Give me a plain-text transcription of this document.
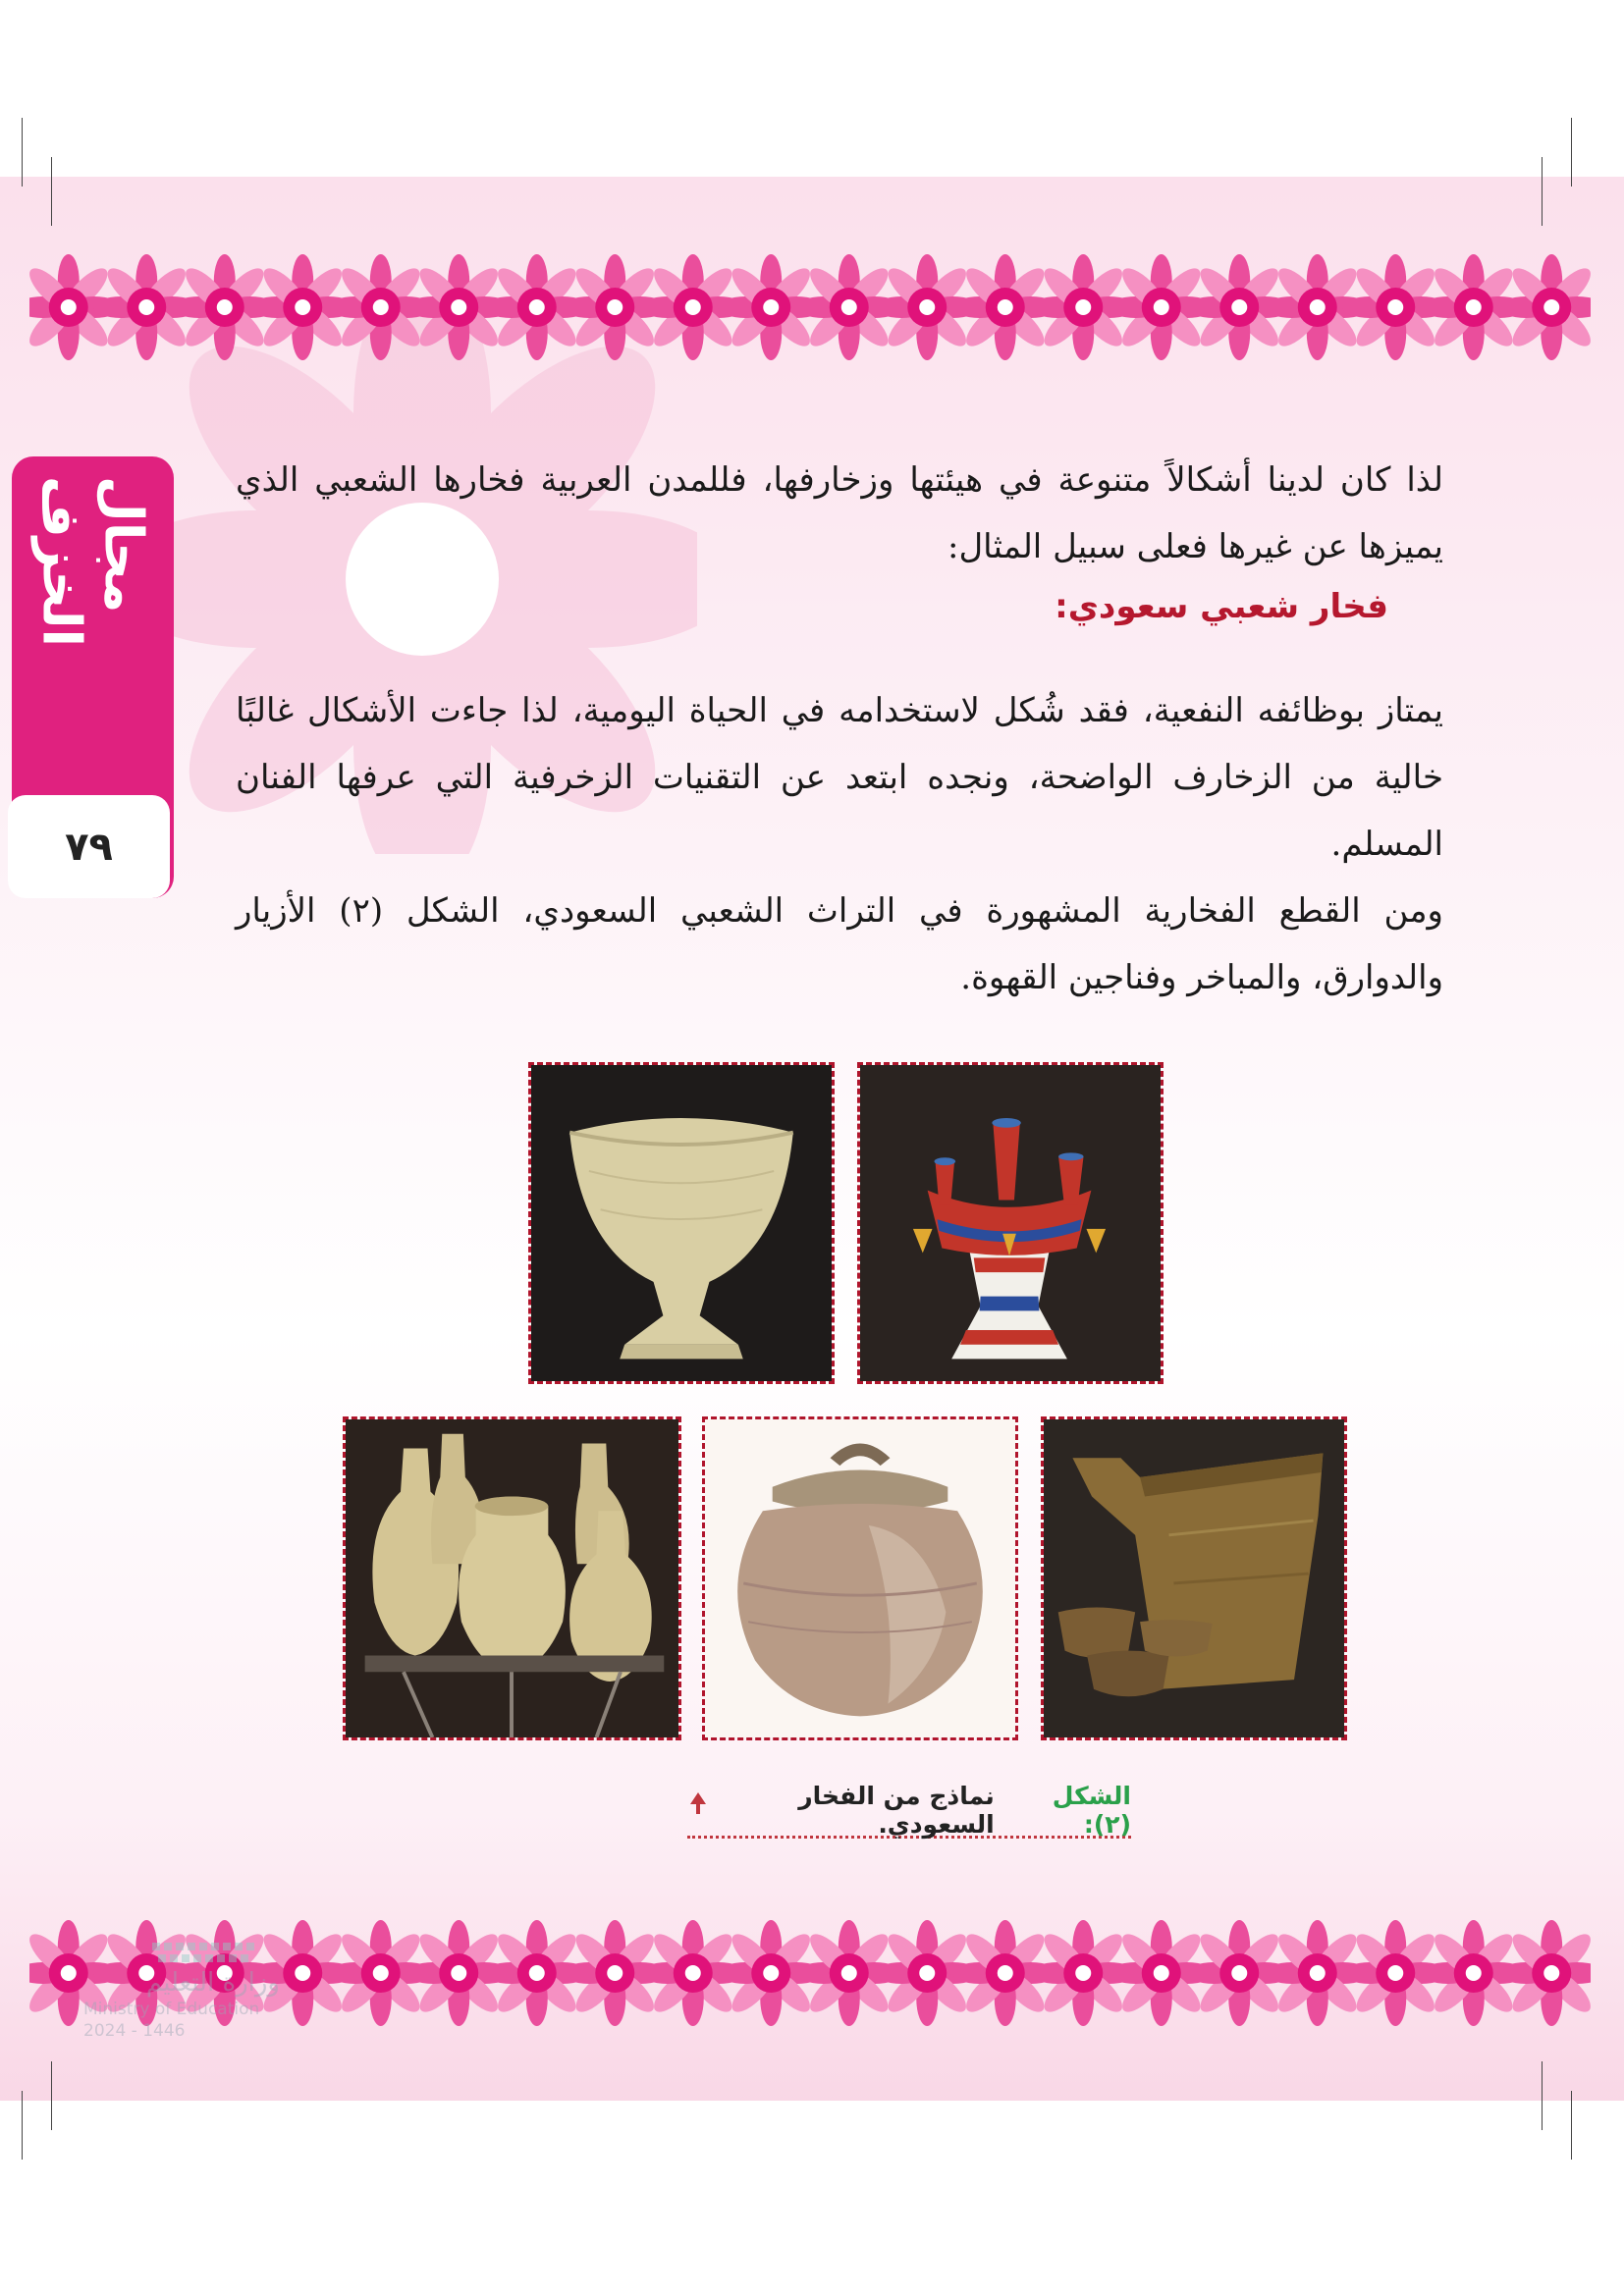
مجال الخزف
٧٩

لذا كان لدينا أشكالاً متنوعة في هيئتها وزخارفها، فللمدن العربية فخارها الشعبي الذي يميزها عن غيرها فعلى سبيل المثال:

فخار شعبي سعودي:

يمتاز بوظائفه النفعية، فقد شُكل لاستخدامه في الحياة اليومية، لذا جاءت الأشكال غالبًا خالية من الزخارف الواضحة، ونجده ابتعد عن التقنيات الزخرفية التي عرفها الفنان المسلم.

ومن القطع الفخارية المشهورة في التراث الشعبي السعودي، الشكل (٢) الأزيار والدوارق، والمباخر وفناجين القهوة.

الشكل (٢):
نماذج من الفخار السعودي.
وزارة التعليم
Ministry of Education
2024 - 1446
